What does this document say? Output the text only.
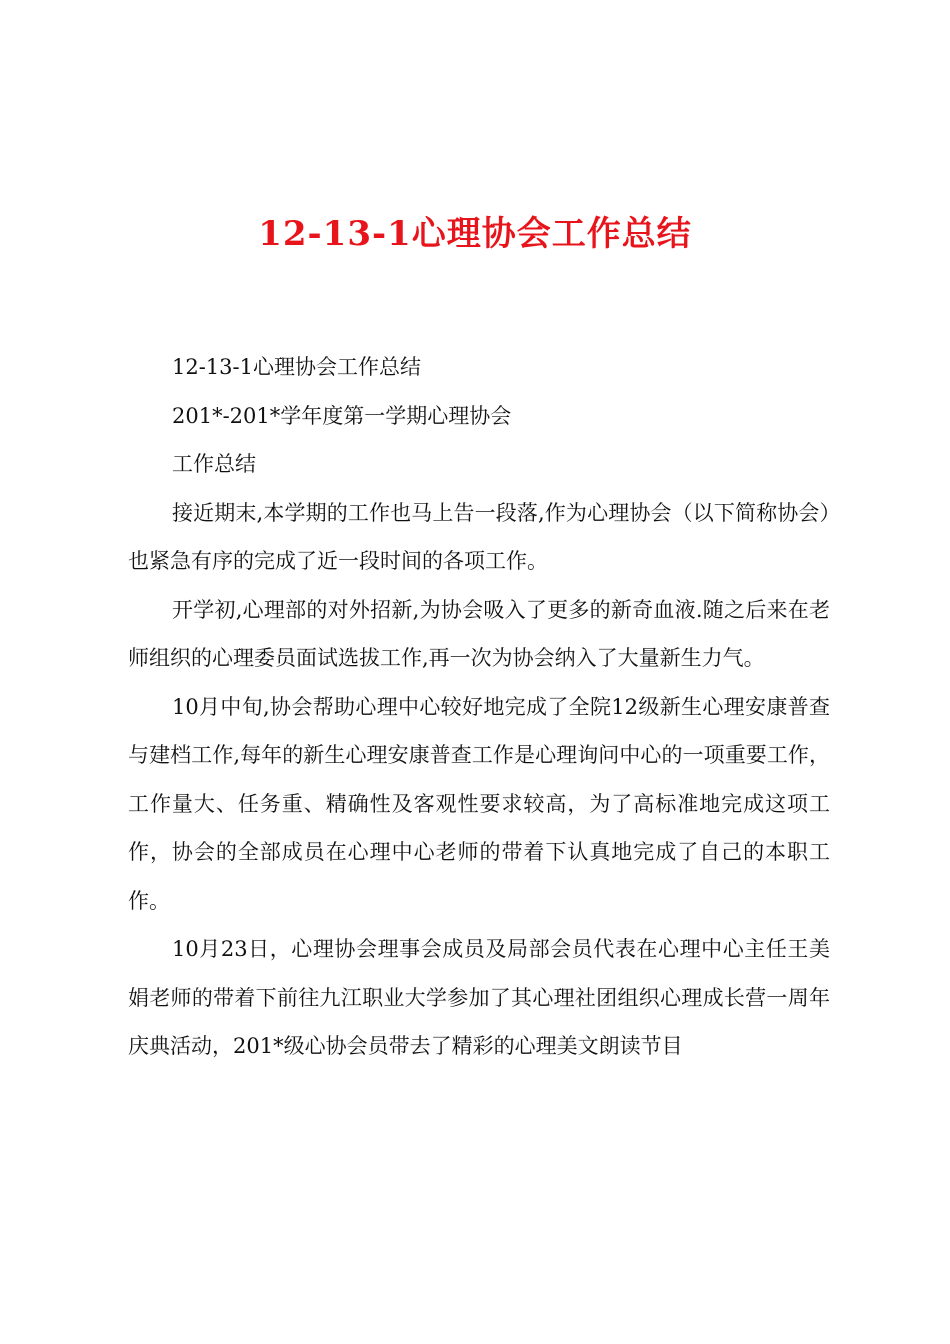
12-13-1心理协会工作总结

12-13-1心理协会工作总结

201*-201*学年度第一学期心理协会

工作总结

接近期末,本学期的工作也马上告一段落,作为心理协会（以下简称协会）也紧急有序的完成了近一段时间的各项工作。

开学初,心理部的对外招新,为协会吸入了更多的新奇血液.随之后来在老师组织的心理委员面试选拔工作,再一次为协会纳入了大量新生力气。

10月中旬,协会帮助心理中心较好地完成了全院12级新生心理安康普查与建档工作,每年的新生心理安康普查工作是心理询问中心的一项重要工作，工作量大、任务重、精确性及客观性要求较高，为了高标准地完成这项工作，协会的全部成员在心理中心老师的带着下认真地完成了自己的本职工作。

10月23日，心理协会理事会成员及局部会员代表在心理中心主任王美娟老师的带着下前往九江职业大学参加了其心理社团组织心理成长营一周年庆典活动，201*级心协会员带去了精彩的心理美文朗读节目
